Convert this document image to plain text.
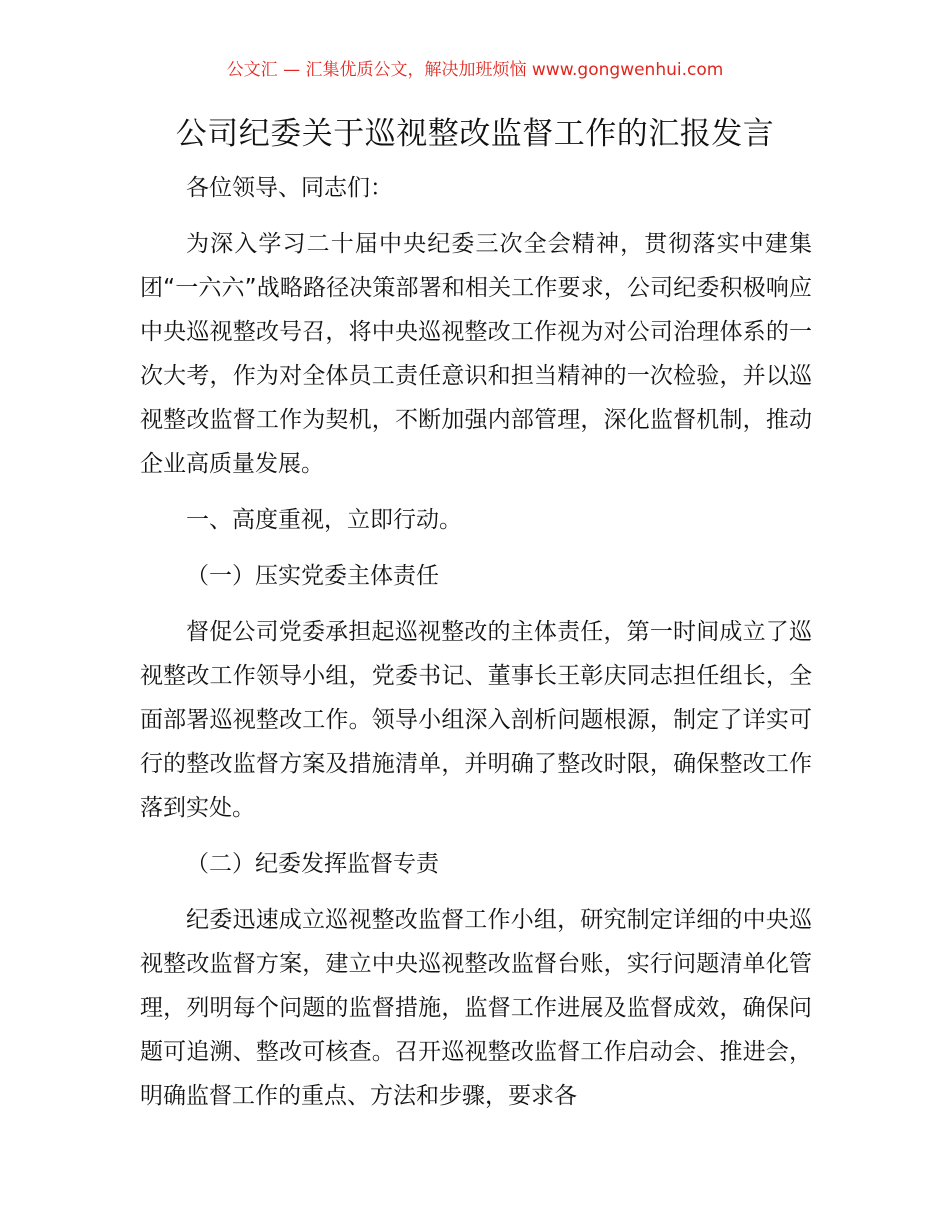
公文汇 — 汇集优质公文，解决加班烦恼 www.gongwenhui.com
公司纪委关于巡视整改监督工作的汇报发言

各位领导、同志们：

为深入学习二十届中央纪委三次全会精神，贯彻落实中建集团“一六六”战略路径决策部署和相关工作要求，公司纪委积极响应中央巡视整改号召，将中央巡视整改工作视为对公司治理体系的一次大考，作为对全体员工责任意识和担当精神的一次检验，并以巡视整改监督工作为契机，不断加强内部管理，深化监督机制，推动企业高质量发展。

一、高度重视，立即行动。

（一）压实党委主体责任

督促公司党委承担起巡视整改的主体责任，第一时间成立了巡视整改工作领导小组，党委书记、董事长王彰庆同志担任组长，全面部署巡视整改工作。领导小组深入剖析问题根源，制定了详实可行的整改监督方案及措施清单，并明确了整改时限，确保整改工作落到实处。

（二）纪委发挥监督专责

纪委迅速成立巡视整改监督工作小组，研究制定详细的中央巡视整改监督方案，建立中央巡视整改监督台账，实行问题清单化管理，列明每个问题的监督措施，监督工作进展及监督成效，确保问题可追溯、整改可核查。召开巡视整改监督工作启动会、推进会，明确监督工作的重点、方法和步骤，要求各
